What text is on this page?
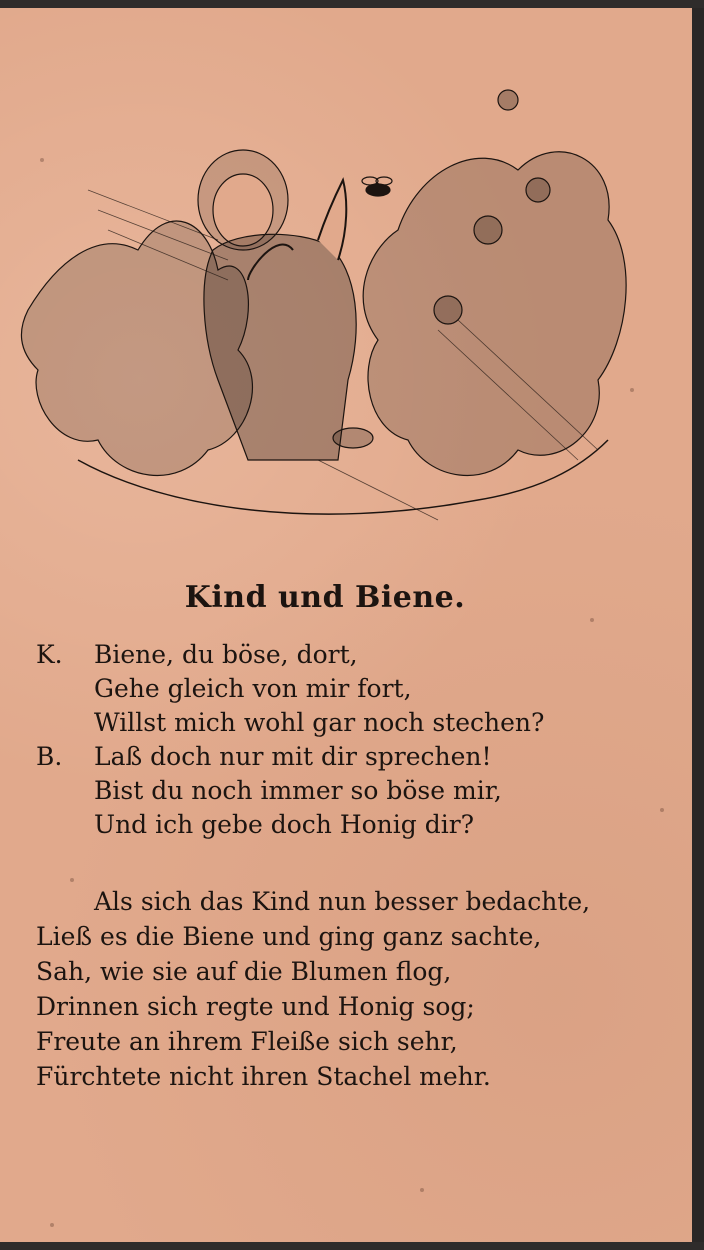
Kind und Biene.
K. Biene, du böse, dort,
Gehe gleich von mir fort,
Willst mich wohl gar noch stechen?
B. Laß doch nur mit dir sprechen!
Bist du noch immer so böse mir,
Und ich gebe doch Honig dir?
Als sich das Kind nun besser bedachte,
Ließ es die Biene und ging ganz sachte,
Sah, wie sie auf die Blumen flog,
Drinnen sich regte und Honig sog;
Freute an ihrem Fleiße sich sehr,
Fürchtete nicht ihren Stachel mehr.
